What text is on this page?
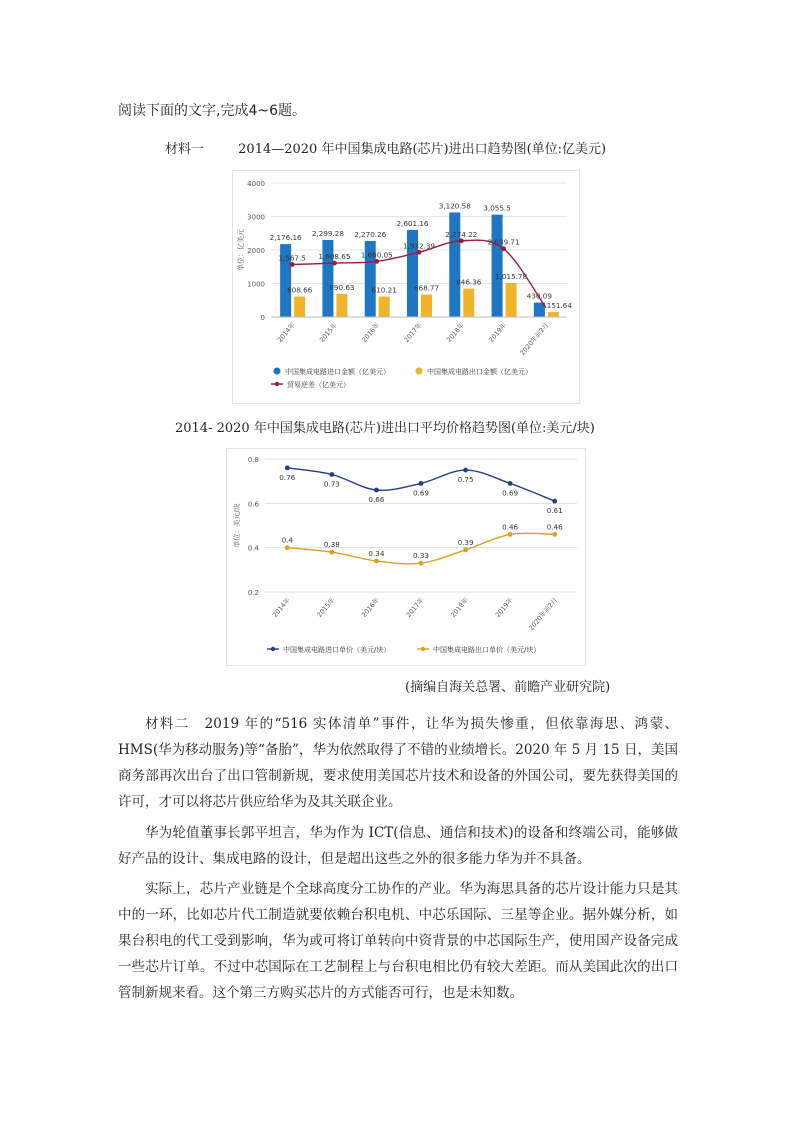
阅读下面的文字,完成4~6题。
材料一	2014—2020 年中国集成电路(芯片)进出口趋势图(单位:亿美元)
0
1000
2000
3000
4000
单位：亿美元	2,176.16
608.66
2014年
2,299.28
690.63
2015年
2,270.26
610.21
2016年
2,601.16
668.77
2017年
3,120.58
846.36
2018年
3,055.5
1,015.78
2019年
430.09
151.64
2020年前2月
1,567.5 1,608.65 1,660.05
1,932.39
2,274.22
2,039.71
中国集成电路进口金额（亿美元）	中国集成电路出口金额（亿美元）
贸易逆差（亿美元）
2014- 2020 年中国集成电路(芯片)进出口平均价格趋势图(单位:美元/块)
0.2
0.4
0.6
0.8
单位：美元/块
2014年	2015年	2016年	2017年	2018年	2019年 2020年前2月
0.76
0.73
0.66
0.69
0.75
0.69
0.61
0.4	0.38
0.34	0.33
0.39
0.46	0.46
中国集成电路进口单价（美元/块）	中国集成电路出口单价（美元/块）
(摘编自海关总署、前瞻产业研究院)

材料二　2019 年的“516 实体清单”事件，让华为损失惨重，但依靠海思、鸿蒙、HMS(华为移动服务)等“备胎”，华为依然取得了不错的业绩增长。2020 年 5 月 15 日，美国商务部再次出台了出口管制新规，要求使用美国芯片技术和设备的外国公司，要先获得美国的许可，才可以将芯片供应给华为及其关联企业。

华为轮值董事长郭平坦言，华为作为 ICT(信息、通信和技术)的设备和终端公司，能够做好产品的设计、集成电路的设计，但是超出这些之外的很多能力华为并不具备。

实际上，芯片产业链是个全球高度分工协作的产业。华为海思具备的芯片设计能力只是其中的一环，比如芯片代工制造就要依赖台积电机、中芯乐国际、三星等企业。据外媒分析，如果台积电的代工受到影响，华为或可将订单转向中资背景的中芯国际生产，使用国产设备完成一些芯片订单。不过中芯国际在工艺制程上与台积电相比仍有较大差距。而从美国此次的出口管制新规来看。这个第三方购买芯片的方式能否可行，也是未知数。
